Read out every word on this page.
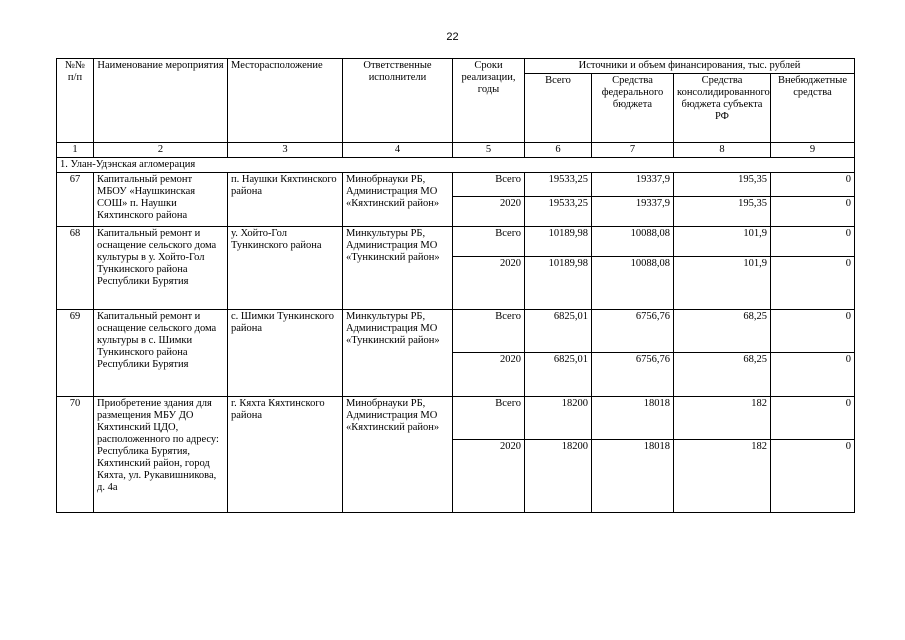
22
№№ п/п	Наименование мероприятия	Месторасположение	Ответственные исполнители	Сроки реализации, годы	Источники и объем финансирования, тыс. рублей			
					Всего	Средства федерального бюджета	Средства консолидированного бюджета субъекта РФ	Внебюджетные средства
1	2	3	4	5	6	7	8	9
1. Улан-Удэнская агломерация								
67	Капитальный ремонт МБОУ «Наушкинская СОШ» п. Наушки Кяхтинского района	п. Наушки Кяхтинского района	Минобрнауки РБ, Администрация МО «Кяхтинский район»	Всего	19533,25	19337,9	195,35	0
				2020	19533,25	19337,9	195,35	0
68	Капитальный ремонт и оснащение сельского дома культуры в у. Хойто-Гол Тункинского района Республики Бурятия	у. Хойто-Гол Тункинского района	Минкультуры РБ, Администрация МО «Тункинский район»	Всего	10189,98	10088,08	101,9	0
				2020	10189,98	10088,08	101,9	0
69	Капитальный ремонт и оснащение сельского дома культуры в с. Шимки Тункинского района Республики Бурятия	с. Шимки Тункинского района	Минкультуры РБ, Администрация МО «Тункинский район»	Всего	6825,01	6756,76	68,25	0
				2020	6825,01	6756,76	68,25	0
70	Приобретение здания для размещения МБУ ДО Кяхтинский ЦДО, расположенного по адресу: Республика Бурятия, Кяхтинский район, город Кяхта, ул. Рукавишникова, д. 4а	г. Кяхта Кяхтинского района	Минобрнауки РБ, Администрация МО «Кяхтинский район»	Всего	18200	18018	182	0
				2020	18200	18018	182	0
